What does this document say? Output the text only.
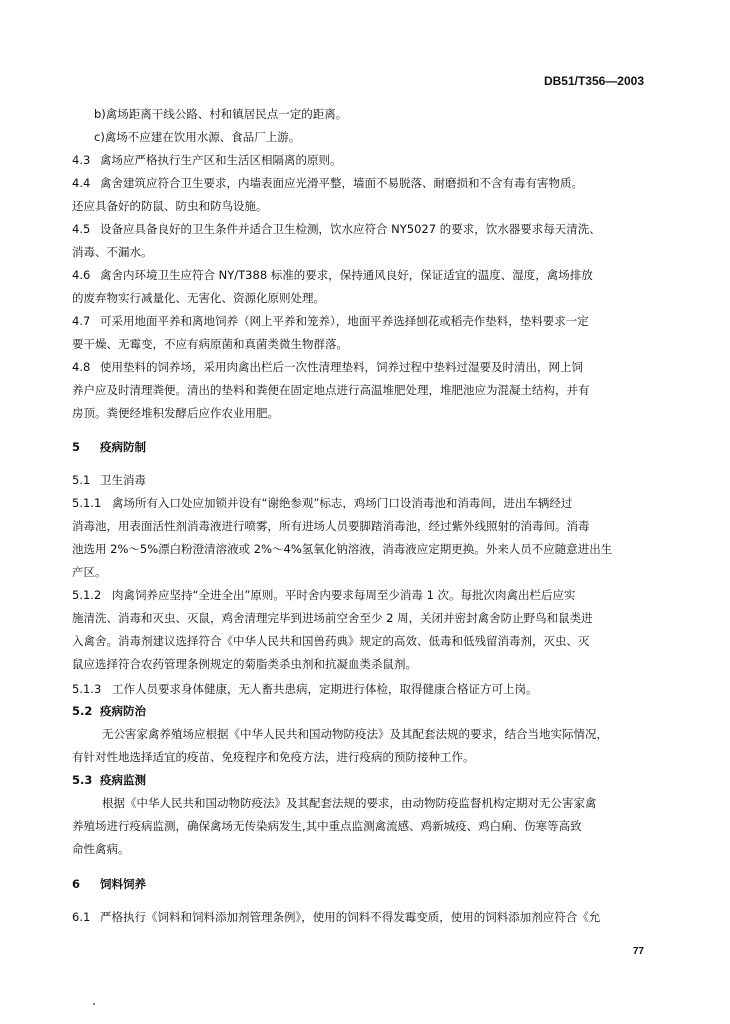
DB51/T356—2003
b)禽场距离干线公路、村和镇居民点一定的距离。
c)禽场不应建在饮用水源、食品厂上游。
4.3 禽场应严格执行生产区和生活区相隔离的原则。
4.4 禽舍建筑应符合卫生要求，内墙表面应光滑平整，墙面不易脱落、耐磨损和不含有毒有害物质。
还应具备好的防鼠、防虫和防鸟设施。
4.5 设备应具备良好的卫生条件并适合卫生检测，饮水应符合 NY5027 的要求，饮水器要求每天清洗、
消毒、不漏水。
4.6 禽舍内环境卫生应符合 NY/T388 标准的要求，保持通风良好，保证适宜的温度、湿度，禽场排放
的废弃物实行减量化、无害化、资源化原则处理。
4.7 可采用地面平养和离地饲养（网上平养和笼养），地面平养选择刨花或稻壳作垫料，垫料要求一定
要干燥、无霉变，不应有病原菌和真菌类微生物群落。
4.8 使用垫料的饲养场，采用肉禽出栏后一次性清理垫料，饲养过程中垫料过湿要及时清出，网上饲
养户应及时清理粪便。清出的垫料和粪便在固定地点进行高温堆肥处理，堆肥池应为混凝土结构，并有
房顶。粪便经堆积发酵后应作农业用肥。
5 疫病防制
5.1 卫生消毒
5.1.1 禽场所有入口处应加锁并设有“谢绝参观”标志，鸡场门口设消毒池和消毒间，进出车辆经过
消毒池，用表面活性剂消毒液进行喷雾，所有进场人员要脚踏消毒池，经过紫外线照射的消毒间。消毒
池选用 2%～5%漂白粉澄清溶液或 2%～4%氢氧化钠溶液，消毒液应定期更换。外来人员不应随意进出生
产区。
5.1.2 肉禽饲养应坚持“全进全出”原则。平时舍内要求每周至少消毒 1 次。每批次肉禽出栏后应实
施清洗、消毒和灭虫、灭鼠，鸡舍清理完毕到进场前空舍至少 2 周，关闭并密封禽舍防止野鸟和鼠类进
入禽舍。消毒剂建议选择符合《中华人民共和国兽药典》规定的高效、低毒和低残留消毒剂，灭虫、灭
鼠应选择符合农药管理条例规定的菊脂类杀虫剂和抗凝血类杀鼠剂。
5.1.3 工作人员要求身体健康，无人畜共患病，定期进行体检，取得健康合格证方可上岗。
5.2 疫病防治
无公害家禽养殖场应根据《中华人民共和国动物防疫法》及其配套法规的要求，结合当地实际情况，
有针对性地选择适宜的疫苗、免疫程序和免疫方法，进行疫病的预防接种工作。
5.3 疫病监测
根据《中华人民共和国动物防疫法》及其配套法规的要求，由动物防疫监督机构定期对无公害家禽
养殖场进行疫病监测，确保禽场无传染病发生,其中重点监测禽流感、鸡新城疫、鸡白痢、伤寒等高致
命性禽病。
6 饲料饲养
6.1 严格执行《饲料和饲料添加剂管理条例》，使用的饲料不得发霉变质，使用的饲料添加剂应符合《允
77
